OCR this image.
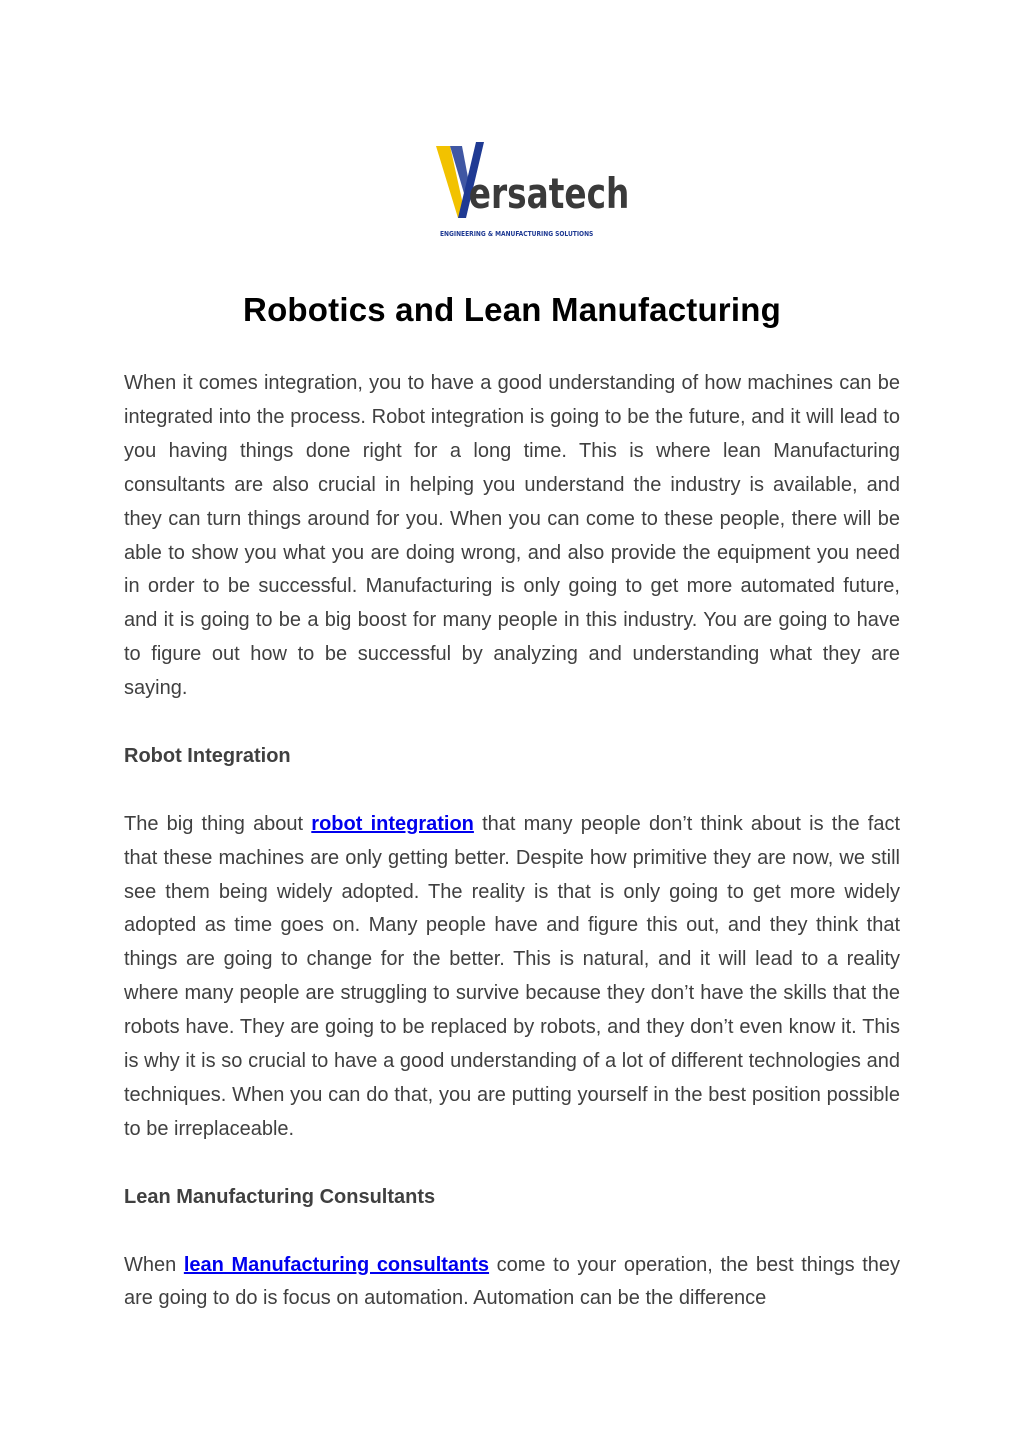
ersatech
ENGINEERING & MANUFACTURING SOLUTIONS
Robotics and Lean Manufacturing

When it comes integration, you to have a good understanding of how machines can be integrated into the process. Robot integration is going to be the future, and it will lead to you having things done right for a long time. This is where lean Manufacturing consultants are also crucial in helping you understand the industry is available, and they can turn things around for you. When you can come to these people, there will be able to show you what you are doing wrong, and also provide the equipment you need in order to be successful. Manufacturing is only going to get more automated future, and it is going to be a big boost for many people in this industry. You are going to have to figure out how to be successful by analyzing and understanding what they are saying.

Robot Integration

The big thing about robot integration that many people don’t think about is the fact that these machines are only getting better. Despite how primitive they are now, we still see them being widely adopted. The reality is that is only going to get more widely adopted as time goes on. Many people have and figure this out, and they think that things are going to change for the better. This is natural, and it will lead to a reality where many people are struggling to survive because they don’t have the skills that the robots have. They are going to be replaced by robots, and they don’t even know it. This is why it is so crucial to have a good understanding of a lot of different technologies and techniques. When you can do that, you are putting yourself in the best position possible to be irreplaceable.

Lean Manufacturing Consultants

When lean Manufacturing consultants come to your operation, the best things they are going to do is focus on automation. Automation can be the difference
